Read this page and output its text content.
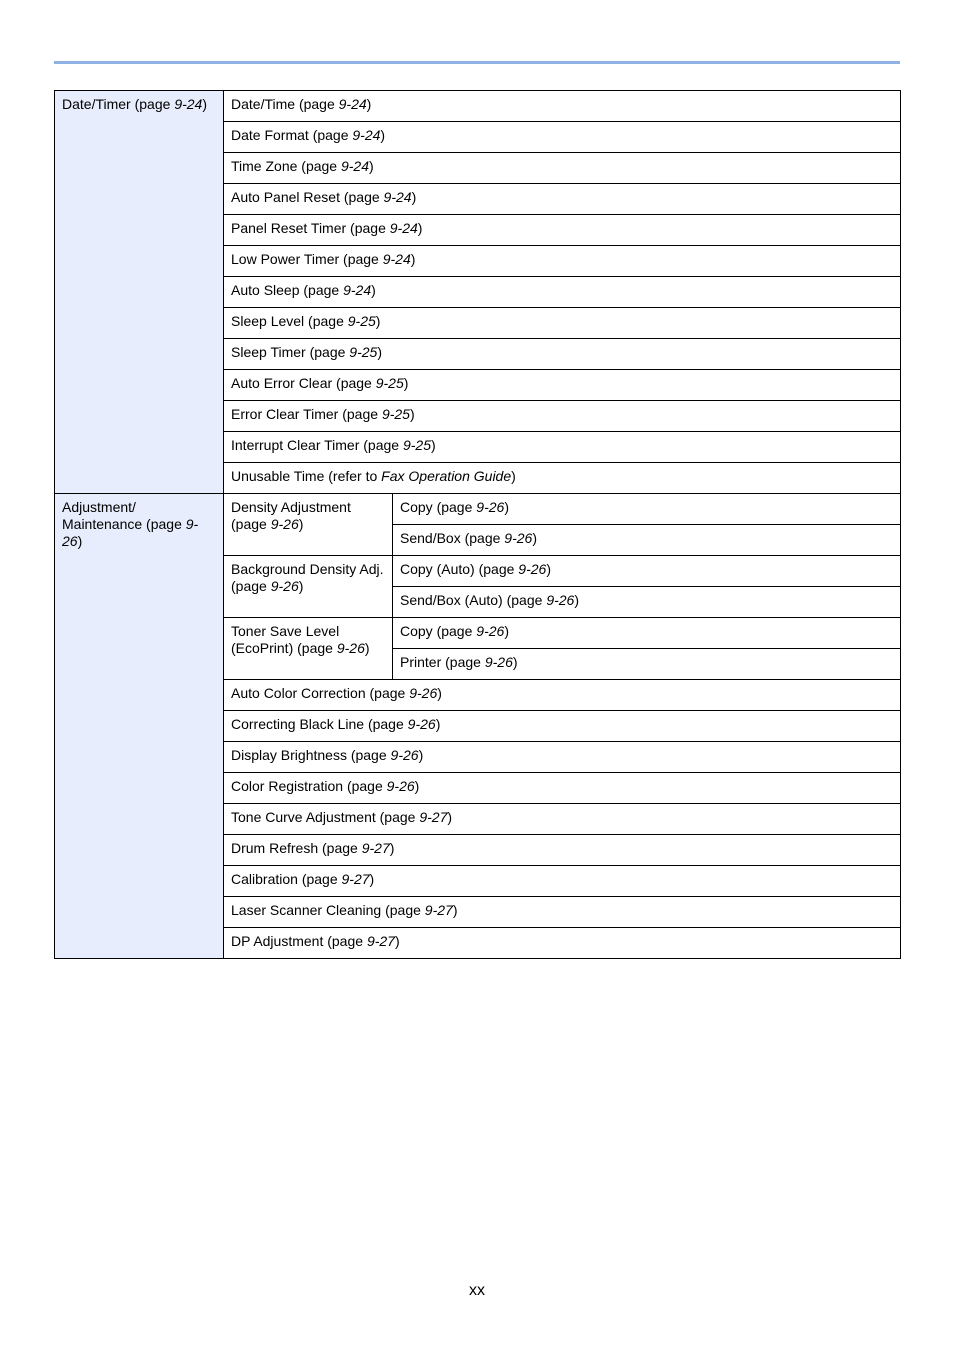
Date/Timer (page 9-24)	Date/Time (page 9-24)	
	Date Format (page 9-24)	
	Time Zone (page 9-24)	
	Auto Panel Reset (page 9-24)	
	Panel Reset Timer (page 9-24)	
	Low Power Timer (page 9-24)	
	Auto Sleep (page 9-24)	
	Sleep Level (page 9-25)	
	Sleep Timer (page 9-25)	
	Auto Error Clear (page 9-25)	
	Error Clear Timer (page 9-25)	
	Interrupt Clear Timer (page 9-25)	
	Unusable Time (refer to Fax Operation Guide)	
Adjustment/ Maintenance (page 9-26)	Density Adjustment (page 9-26)	Copy (page 9-26)
		Send/Box (page 9-26)
	Background Density Adj. (page 9-26)	Copy (Auto) (page 9-26)
		Send/Box (Auto) (page 9-26)
	Toner Save Level (EcoPrint) (page 9-26)	Copy (page 9-26)
		Printer (page 9-26)
	Auto Color Correction (page 9-26)	
	Correcting Black Line (page 9-26)	
	Display Brightness (page 9-26)	
	Color Registration (page 9-26)	
	Tone Curve Adjustment (page 9-27)	
	Drum Refresh (page 9-27)	
	Calibration (page 9-27)	
	Laser Scanner Cleaning (page 9-27)	
	DP Adjustment (page 9-27)	
xx
